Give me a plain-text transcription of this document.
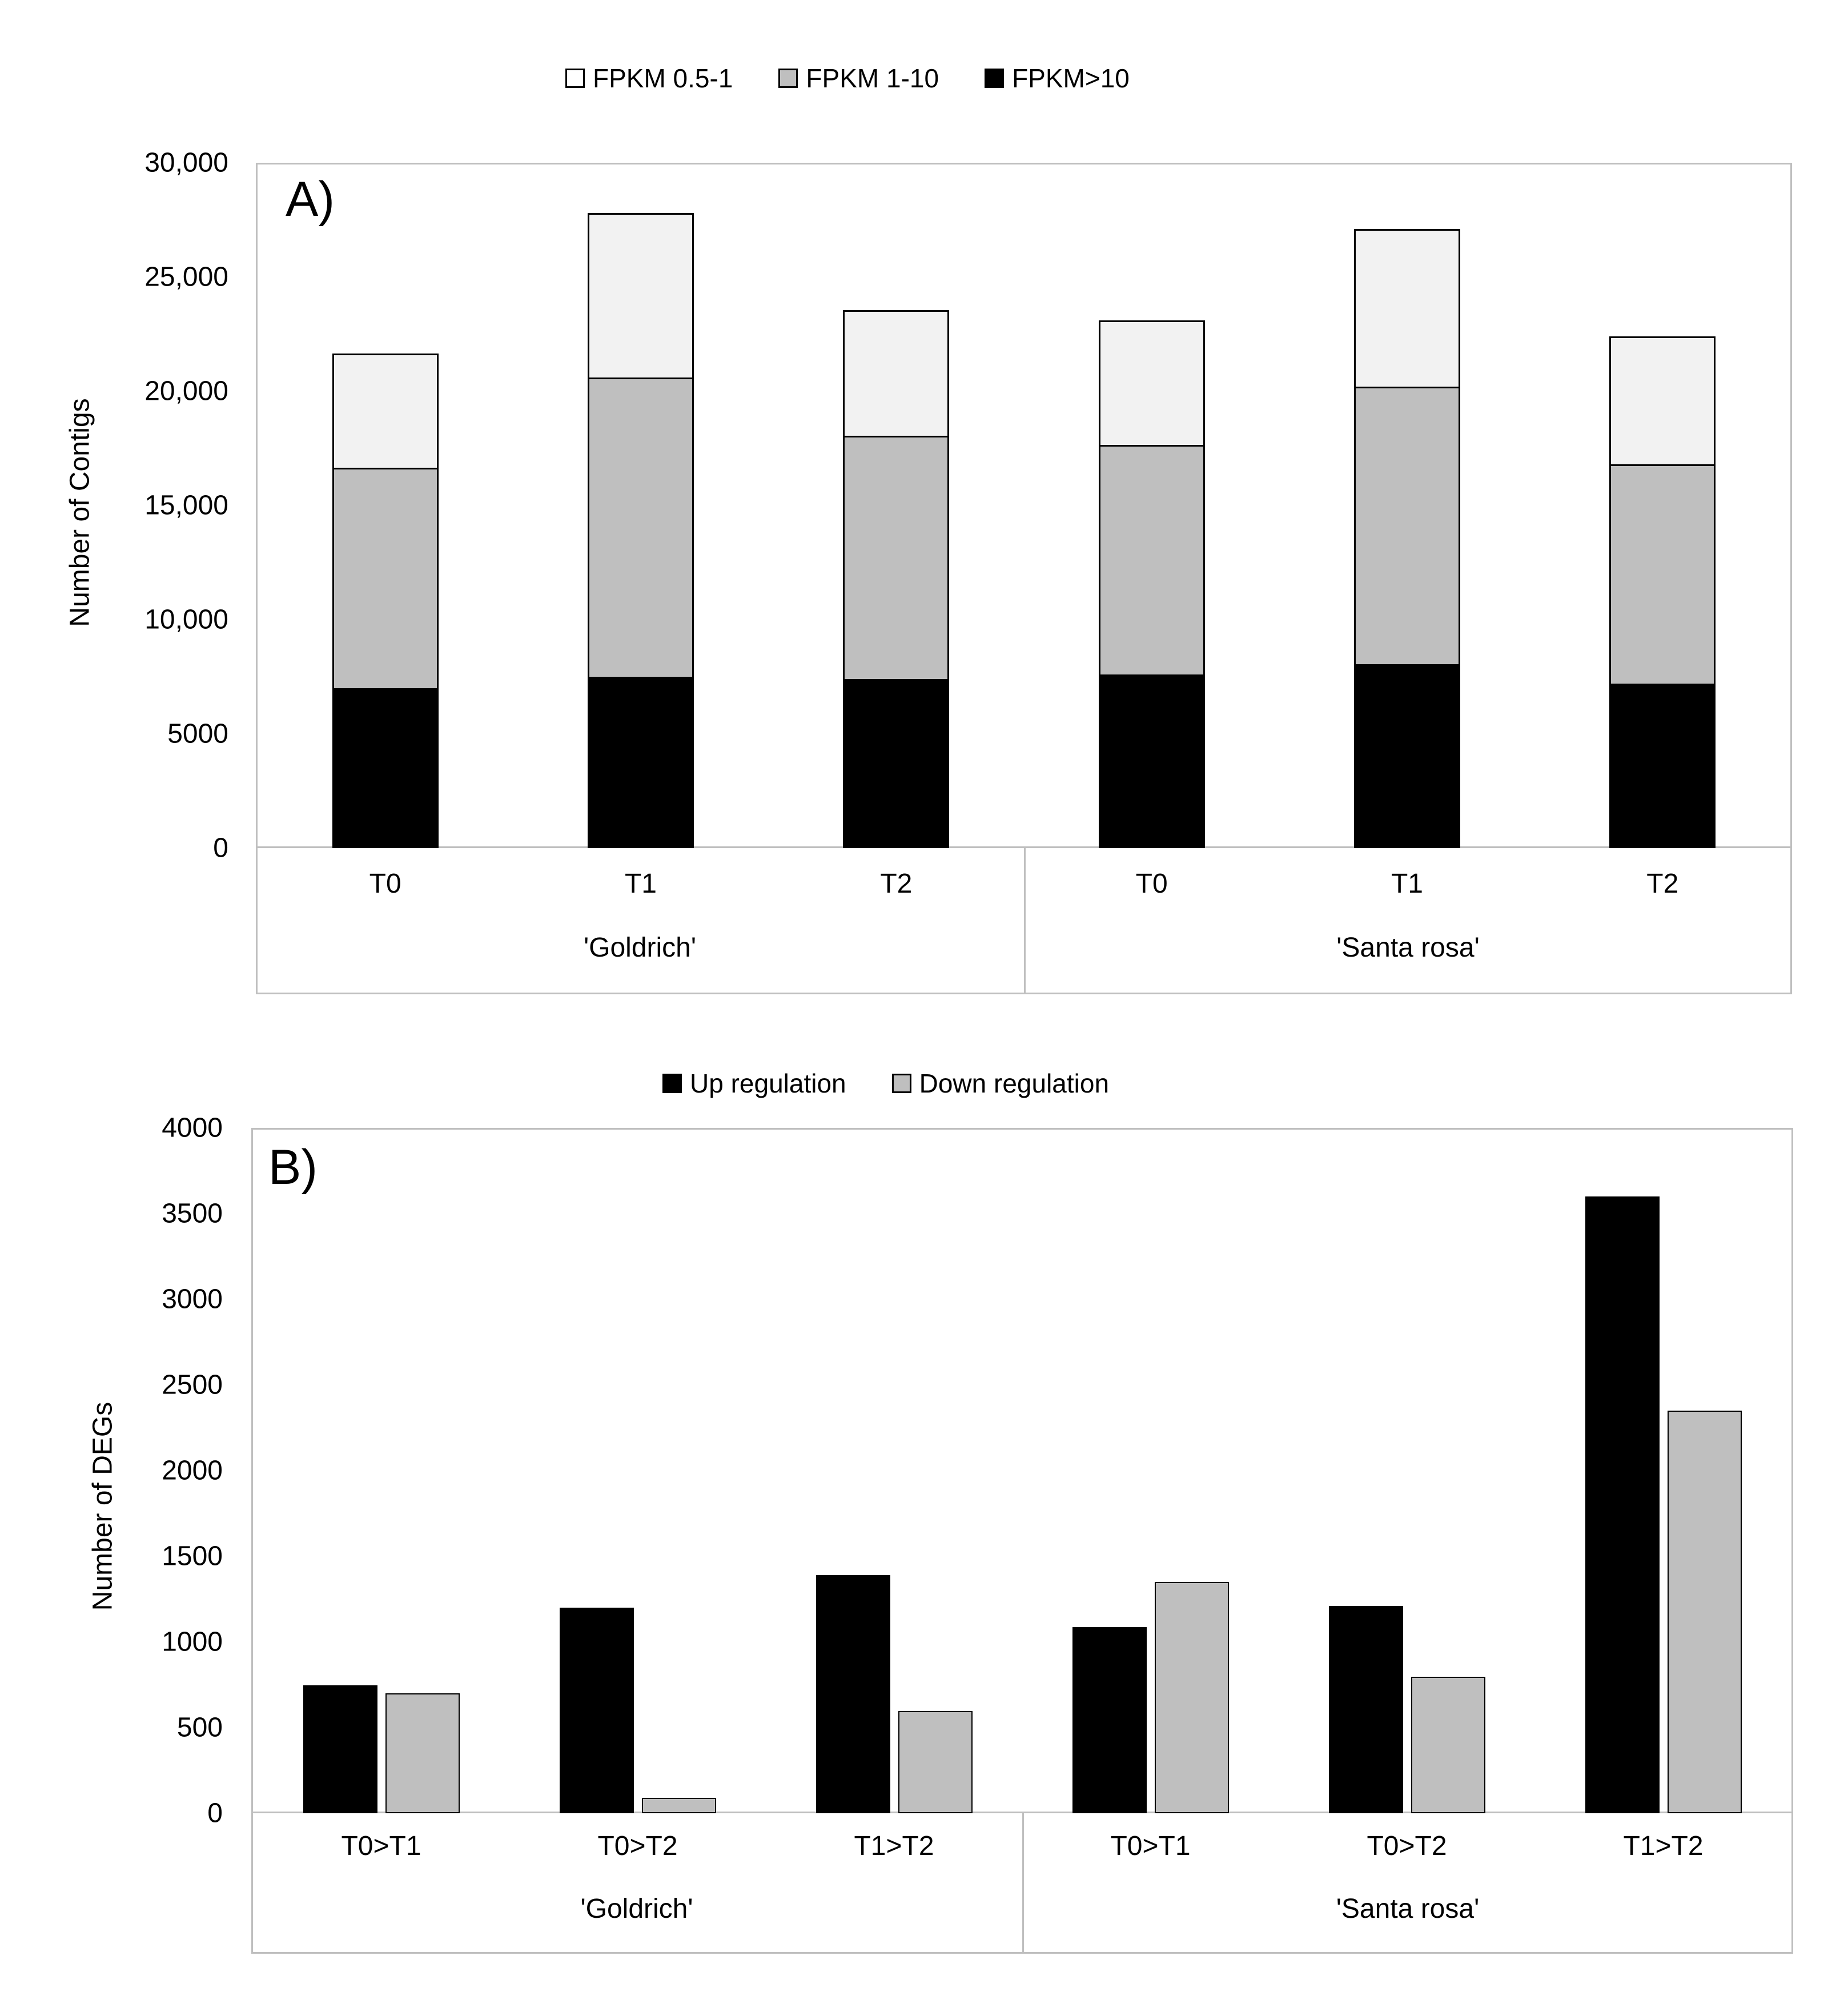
FPKM 0.5-1	FPKM 1-10	FPKM>10
Number of Contigs
30,000
25,000
20,000
15,000
10,000
5000
0
A)
T0	T1	T2	T0	T1	T2
'Goldrich'	'Santa rosa'
Up regulation	Down regulation
Number of DEGs
4000
3500
3000
2500
2000
1500
1000
500
0
B)
T0>T1	T0>T2	T1>T2	T0>T1	T0>T2	T1>T2
'Goldrich'	'Santa rosa'
